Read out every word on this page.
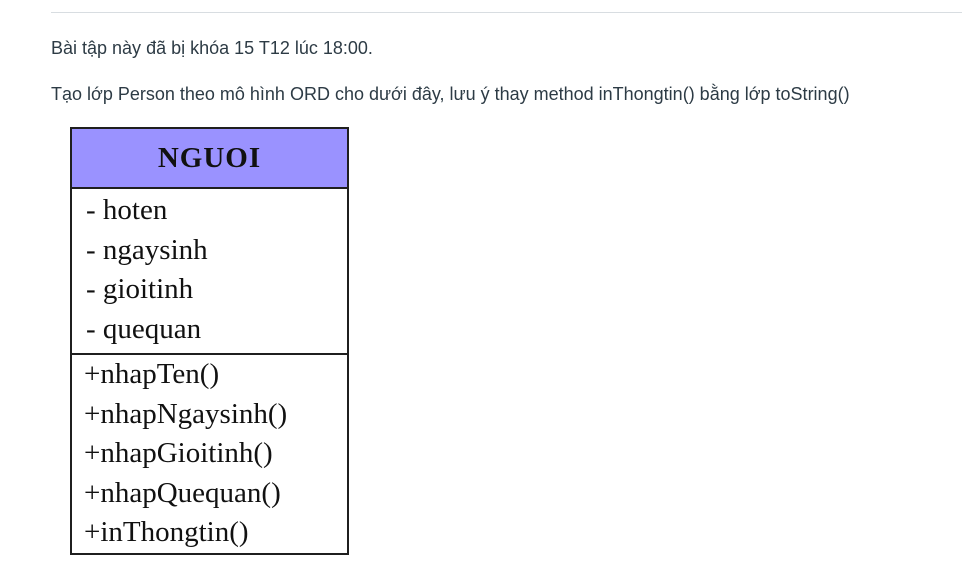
Bài tập này đã bị khóa 15 T12 lúc 18:00.
Tạo lớp Person theo mô hình ORD cho dưới đây, lưu ý thay method inThongtin() bằng lớp toString()
NGUOI
- hoten
- ngaysinh
- gioitinh
- quequan
+nhapTen()
+nhapNgaysinh()
+nhapGioitinh()
+nhapQuequan()
+inThongtin()
